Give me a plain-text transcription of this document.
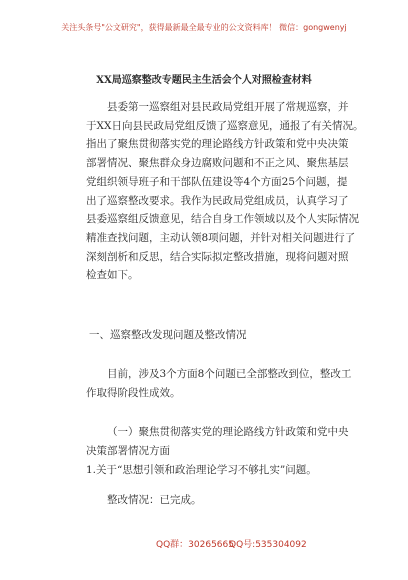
关注头条号"公文研究"，获得最新最全最专业的公文资料库！ 微信：gongwenyj
XX局巡察整改专题民主生活会个人对照检查材料
县委第一巡察组对县民政局党组开展了常规巡察，并
于XX日向县民政局党组反馈了巡察意见，通报了有关情况。
指出了聚焦贯彻落实党的理论路线方针政策和党中央决策
部署情况、聚焦群众身边腐败问题和不正之风、聚焦基层
党组织领导班子和干部队伍建设等4个方面25个问题，提
出了巡察整改要求。我作为民政局党组成员，认真学习了
县委巡察组反馈意见，结合自身工作领域以及个人实际情况
精准查找问题，主动认领8项问题，并针对相关问题进行了
深刻剖析和反思，结合实际拟定整改措施，现将问题对照
检查如下。
一、巡察整改发现问题及整改情况
目前，涉及3个方面8个问题已全部整改到位，整改工
作取得阶段性成效。
（一）聚焦贯彻落实党的理论路线方针政策和党中央
决策部署情况方面
1.关于“思想引领和政治理论学习不够扎实”问题。
整改情况：已完成。
QQ群：30265665
QQ号:535304092
